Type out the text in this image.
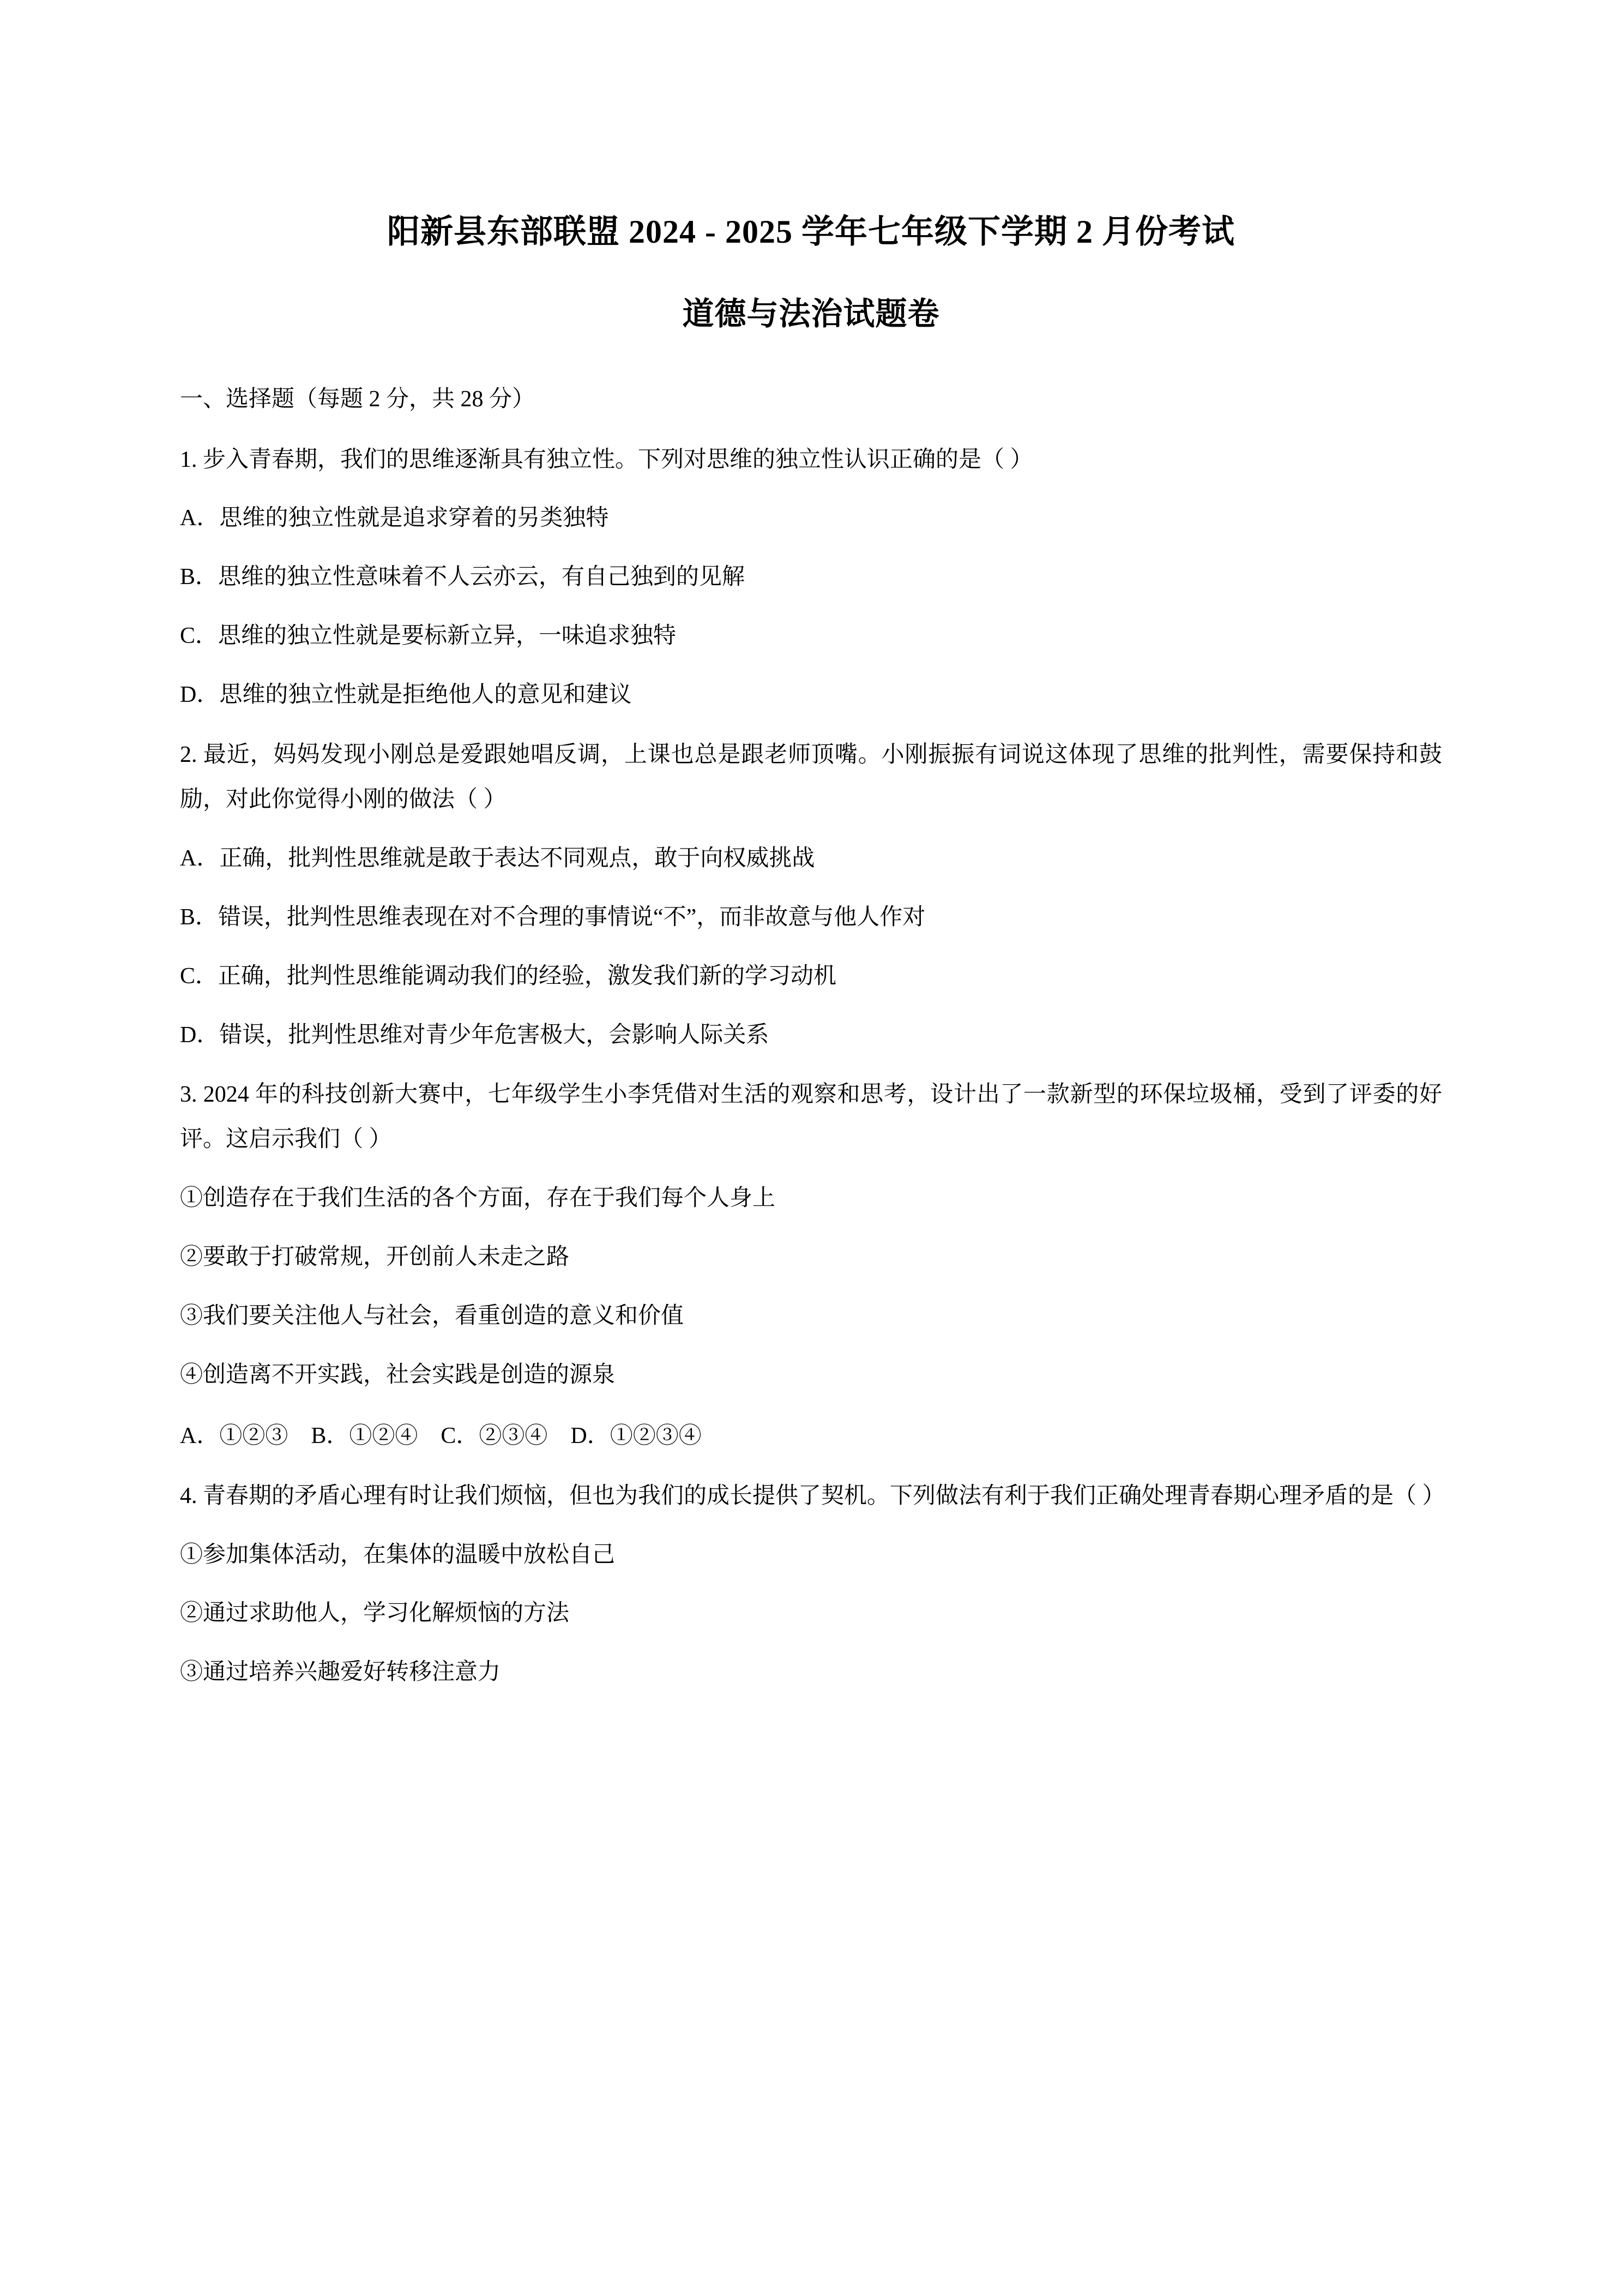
阳新县东部联盟 2024 - 2025 学年七年级下学期 2 月份考试
道德与法治试题卷

一、选择题（每题 2 分，共 28 分）

1. 步入青春期，我们的思维逐渐具有独立性。下列对思维的独立性认识正确的是（ ）

A．思维的独立性就是追求穿着的另类独特

B．思维的独立性意味着不人云亦云，有自己独到的见解

C．思维的独立性就是要标新立异，一味追求独特

D．思维的独立性就是拒绝他人的意见和建议

2. 最近，妈妈发现小刚总是爱跟她唱反调，上课也总是跟老师顶嘴。小刚振振有词说这体现了思维的批判性，需要保持和鼓励，对此你觉得小刚的做法（ ）

A．正确，批判性思维就是敢于表达不同观点，敢于向权威挑战

B．错误，批判性思维表现在对不合理的事情说“不”，而非故意与他人作对

C．正确，批判性思维能调动我们的经验，激发我们新的学习动机

D．错误，批判性思维对青少年危害极大，会影响人际关系

3. 2024 年的科技创新大赛中，七年级学生小李凭借对生活的观察和思考，设计出了一款新型的环保垃圾桶，受到了评委的好评。这启示我们（ ）

①创造存在于我们生活的各个方面，存在于我们每个人身上

②要敢于打破常规，开创前人未走之路

③我们要关注他人与社会，看重创造的意义和价值

④创造离不开实践，社会实践是创造的源泉

A．①②③    B．①②④    C．②③④    D．①②③④

4. 青春期的矛盾心理有时让我们烦恼，但也为我们的成长提供了契机。下列做法有利于我们正确处理青春期心理矛盾的是（ ）

①参加集体活动，在集体的温暖中放松自己

②通过求助他人，学习化解烦恼的方法

③通过培养兴趣爱好转移注意力
